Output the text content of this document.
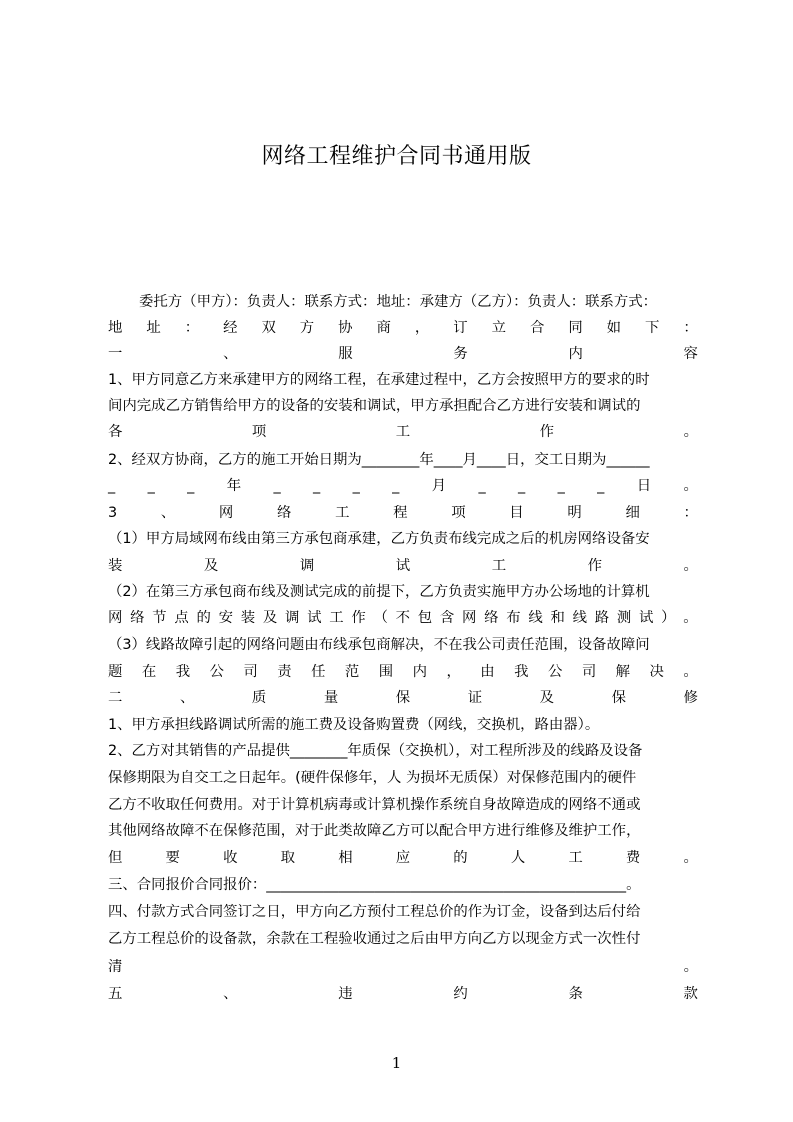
网络工程维护合同书通用版
委托方（甲方）：负责人：联系方式：地址：承建方（乙方）：负责人：联系方式：
地 址 ： 经 双 方 协 商 ， 订 立 合 同 如 下 ：
一	、	服	务	内	容
1、甲方同意乙方来承建甲方的网络工程，在承建过程中，乙方会按照甲方的要求的时
间内完成乙方销售给甲方的设备的安装和调试，甲方承担配合乙方进行安装和调试的
各	项	工	作	。
2、经双方协商，乙方的施工开始日期为________年____月____日，交工日期为______
_ _ _ 年 _ _ _ _ 月 _ _ _ _ 日 。
3	、	网	络	工	程	项	目	明	细	：
（1）甲方局域网布线由第三方承包商承建，乙方负责布线完成之后的机房网络设备安
装	及	调	试	工	作	。
（2）在第三方承包商布线及测试完成的前提下，乙方负责实施甲方办公场地的计算机
网 络 节 点 的 安 装 及 调 试 工 作 （ 不 包 含 网 络 布 线 和 线 路 测 试 ） 。
（3）线路故障引起的网络问题由布线承包商解决，不在我公司责任范围，设备故障问
题 在 我 公 司 责 任 范 围 内 ， 由 我 公 司 解 决 。
二	、	质	量	保	证	及	保	修
1、甲方承担线路调试所需的施工费及设备购置费（网线，交换机，路由器）。
2、乙方对其销售的产品提供________年质保（交换机），对工程所涉及的线路及设备
保修期限为自交工之日起年。(硬件保修年，人 为损坏无质保）对保修范围内的硬件
乙方不收取任何费用。对于计算机病毒或计算机操作系统自身故障造成的网络不通或
其他网络故障不在保修范围，对于此类故障乙方可以配合甲方进行维修及维护工作，
但	要	收	取	相	应	的	人	工	费	。
三、合同报价合同报价：__________________________________________________。
四、付款方式合同签订之日，甲方向乙方预付工程总价的作为订金，设备到达后付给
乙方工程总价的设备款，余款在工程验收通过之后由甲方向乙方以现金方式一次性付
清	。
五	、	违	约	条	款
1
